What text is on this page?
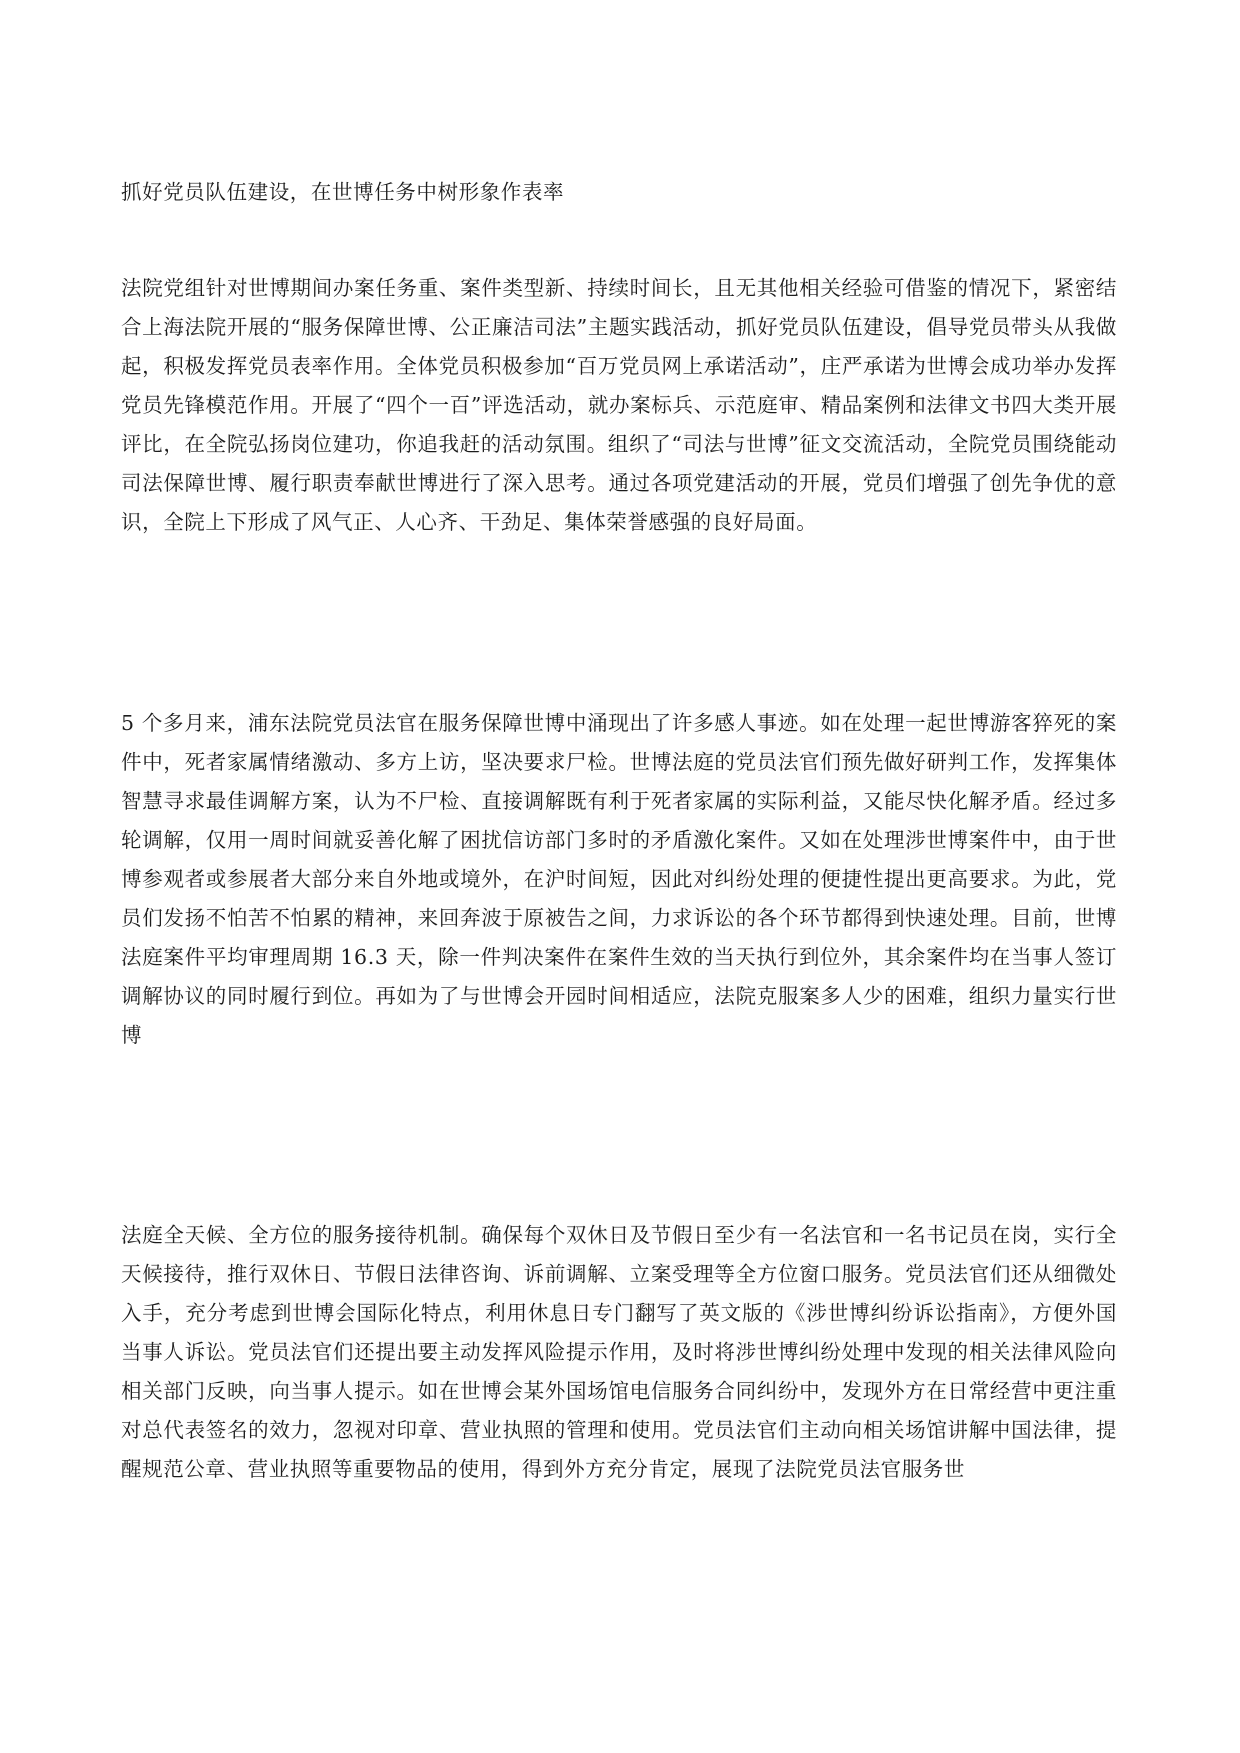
抓好党员队伍建设，在世博任务中树形象作表率

法院党组针对世博期间办案任务重、案件类型新、持续时间长，且无其他相关经验可借鉴的情况下，紧密结合上海法院开展的“服务保障世博、公正廉洁司法”主题实践活动，抓好党员队伍建设，倡导党员带头从我做起，积极发挥党员表率作用。全体党员积极参加“百万党员网上承诺活动”，庄严承诺为世博会成功举办发挥党员先锋模范作用。开展了“四个一百”评选活动，就办案标兵、示范庭审、精品案例和法律文书四大类开展评比，在全院弘扬岗位建功，你追我赶的活动氛围。组织了“司法与世博”征文交流活动，全院党员围绕能动司法保障世博、履行职责奉献世博进行了深入思考。通过各项党建活动的开展，党员们增强了创先争优的意识，全院上下形成了风气正、人心齐、干劲足、集体荣誉感强的良好局面。

5 个多月来，浦东法院党员法官在服务保障世博中涌现出了许多感人事迹。如在处理一起世博游客猝死的案件中，死者家属情绪激动、多方上访，坚决要求尸检。世博法庭的党员法官们预先做好研判工作，发挥集体智慧寻求最佳调解方案，认为不尸检、直接调解既有利于死者家属的实际利益，又能尽快化解矛盾。经过多轮调解，仅用一周时间就妥善化解了困扰信访部门多时的矛盾激化案件。又如在处理涉世博案件中，由于世博参观者或参展者大部分来自外地或境外，在沪时间短，因此对纠纷处理的便捷性提出更高要求。为此，党员们发扬不怕苦不怕累的精神，来回奔波于原被告之间，力求诉讼的各个环节都得到快速处理。目前，世博法庭案件平均审理周期 16.3 天，除一件判决案件在案件生效的当天执行到位外，其余案件均在当事人签订调解协议的同时履行到位。再如为了与世博会开园时间相适应，法院克服案多人少的困难，组织力量实行世博

法庭全天候、全方位的服务接待机制。确保每个双休日及节假日至少有一名法官和一名书记员在岗，实行全天候接待，推行双休日、节假日法律咨询、诉前调解、立案受理等全方位窗口服务。党员法官们还从细微处入手，充分考虑到世博会国际化特点，利用休息日专门翻写了英文版的《涉世博纠纷诉讼指南》，方便外国当事人诉讼。党员法官们还提出要主动发挥风险提示作用，及时将涉世博纠纷处理中发现的相关法律风险向相关部门反映，向当事人提示。如在世博会某外国场馆电信服务合同纠纷中，发现外方在日常经营中更注重对总代表签名的效力，忽视对印章、营业执照的管理和使用。党员法官们主动向相关场馆讲解中国法律，提醒规范公章、营业执照等重要物品的使用，得到外方充分肯定，展现了法院党员法官服务世
